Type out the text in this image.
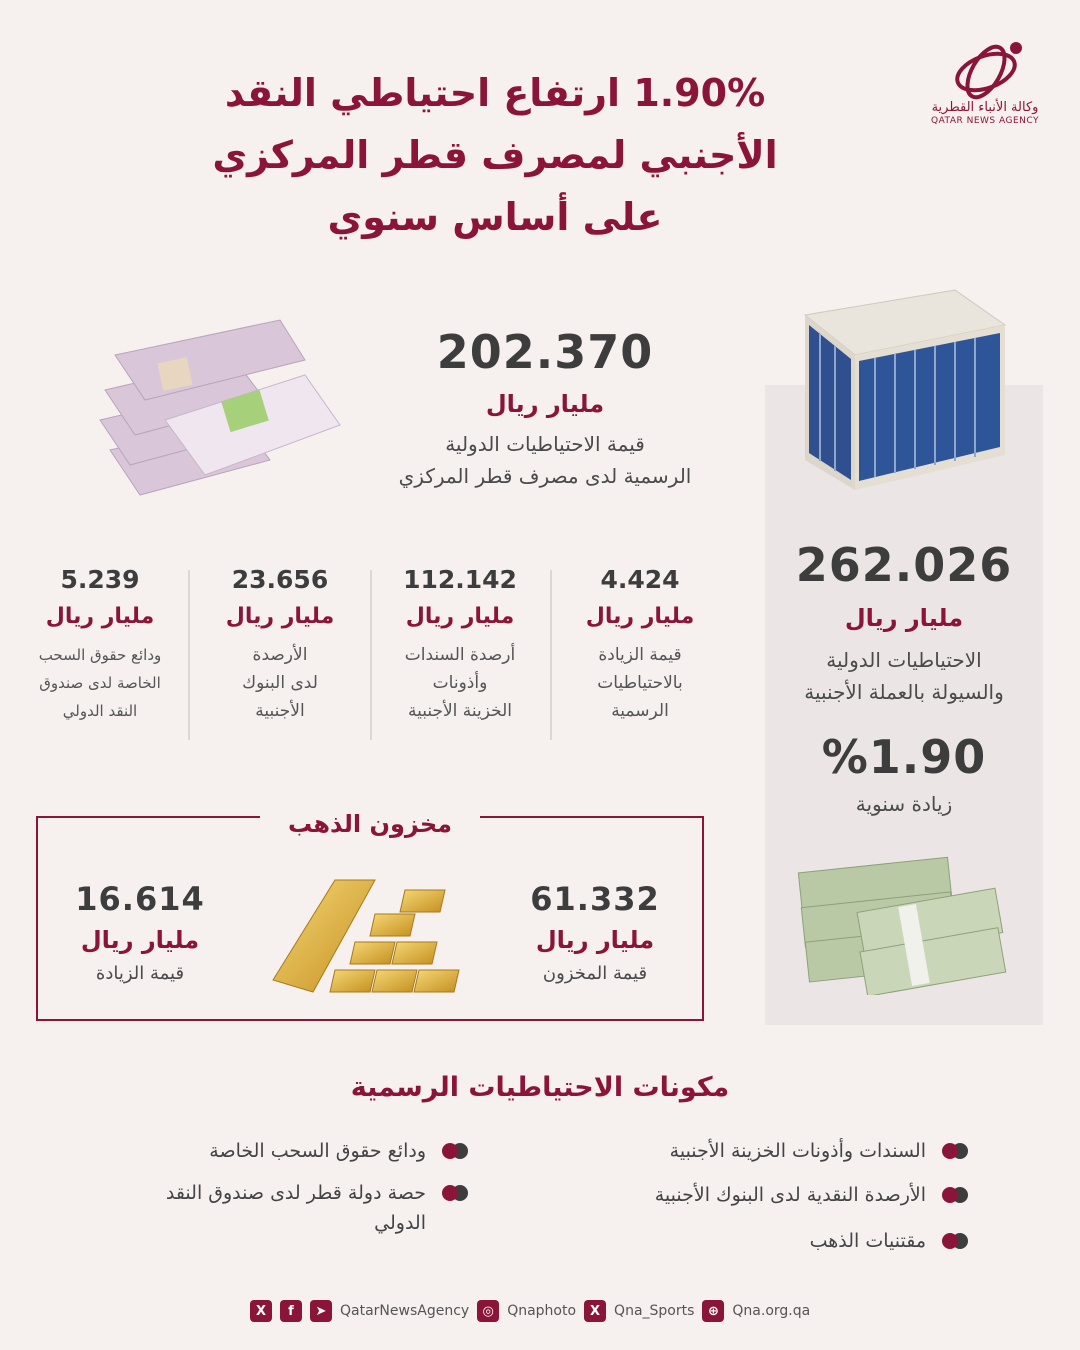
1.90% ارتفاع احتياطي النقد
الأجنبي لمصرف قطر المركزي
على أساس سنوي
وكالة الأنباء القطرية
QATAR NEWS AGENCY
202.370
مليار ريال
قيمة الاحتياطيات الدولية
الرسمية لدى مصرف قطر المركزي
4.424
مليار ريال
قيمة الزيادة
بالاحتياطيات
الرسمية
112.142
مليار ريال
أرصدة السندات
وأذونات
الخزينة الأجنبية
23.656
مليار ريال
الأرصدة
لدى البنوك
الأجنبية
5.239
مليار ريال
ودائع حقوق السحب
الخاصة لدى صندوق
النقد الدولي
262.026
مليار ريال
الاحتياطيات الدولية
والسيولة بالعملة الأجنبية
%1.90
زيادة سنوية
مخزون الذهب
61.332
مليار ريال
قيمة المخزون
16.614
مليار ريال
قيمة الزيادة
مكونات الاحتياطيات الرسمية
السندات وأذونات الخزينة الأجنبية
الأرصدة النقدية لدى البنوك الأجنبية
مقتنيات الذهب
ودائع حقوق السحب الخاصة
حصة دولة قطر لدى صندوق النقد الدولي
X	f	➤ QatarNewsAgency	◎ Qnaphoto	X Qna_Sports	⊕ Qna.org.qa
